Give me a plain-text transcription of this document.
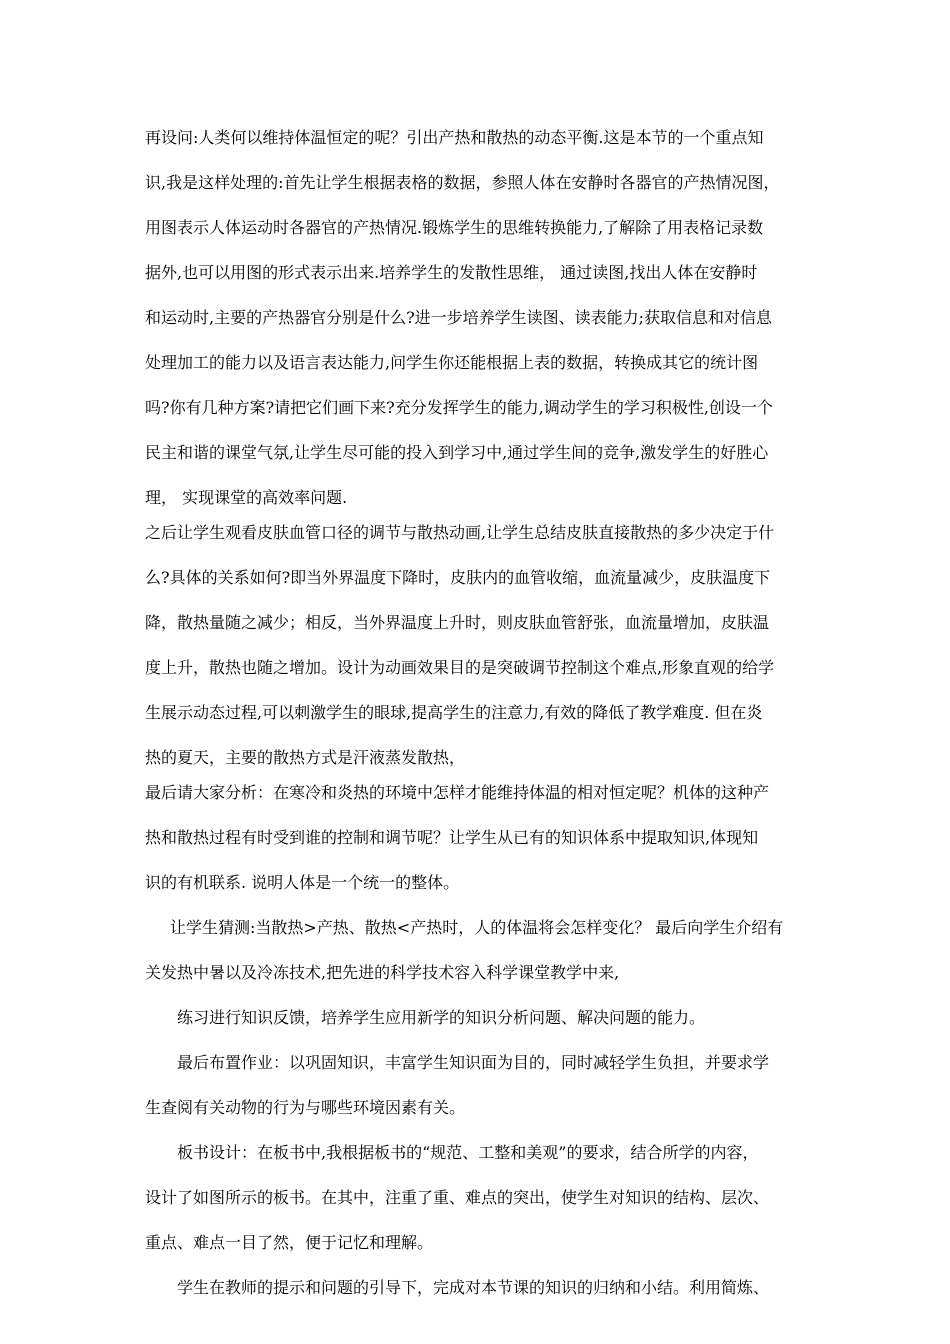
再设问:人类何以维持体温恒定的呢？引出产热和散热的动态平衡.这是本节的一个重点知
识,我是这样处理的:首先让学生根据表格的数据，参照人体在安静时各器官的产热情况图，
用图表示人体运动时各器官的产热情况.锻炼学生的思维转换能力,了解除了用表格记录数
据外,也可以用图的形式表示出来.培养学生的发散性思维， 通过读图,找出人体在安静时
和运动时,主要的产热器官分别是什么?进一步培养学生读图、读表能力;获取信息和对信息
处理加工的能力以及语言表达能力,问学生你还能根据上表的数据，转换成其它的统计图
吗?你有几种方案?请把它们画下来?充分发挥学生的能力,调动学生的学习积极性,创设一个
民主和谐的课堂气氛,让学生尽可能的投入到学习中,通过学生间的竞争,激发学生的好胜心
理， 实现课堂的高效率问题.
之后让学生观看皮肤血管口径的调节与散热动画,让学生总结皮肤直接散热的多少决定于什
么?具体的关系如何?即当外界温度下降时，皮肤内的血管收缩，血流量减少，皮肤温度下
降，散热量随之减少；相反，当外界温度上升时，则皮肤血管舒张，血流量增加，皮肤温
度上升，散热也随之增加。设计为动画效果目的是突破调节控制这个难点,形象直观的给学
生展示动态过程,可以刺激学生的眼球,提高学生的注意力,有效的降低了教学难度. 但在炎
热的夏天，主要的散热方式是汗液蒸发散热，
最后请大家分析：在寒冷和炎热的环境中怎样才能维持体温的相对恒定呢？机体的这种产
热和散热过程有时受到谁的控制和调节呢？让学生从已有的知识体系中提取知识,体现知
识的有机联系. 说明人体是一个统一的整体。
让学生猜测:当散热>产热、散热<产热时，人的体温将会怎样变化？ 最后向学生介绍有
关发热中暑以及冷冻技术,把先进的科学技术容入科学课堂教学中来,
练习进行知识反馈，培养学生应用新学的知识分析问题、解决问题的能力。
最后布置作业：以巩固知识，丰富学生知识面为目的，同时减轻学生负担，并要求学
生查阅有关动物的行为与哪些环境因素有关。
板书设计：在板书中,我根据板书的“规范、工整和美观”的要求，结合所学的内容，
设计了如图所示的板书。在其中，注重了重、难点的突出，使学生对知识的结构、层次、
重点、难点一目了然，便于记忆和理解。
学生在教师的提示和问题的引导下，完成对本节课的知识的归纳和小结。利用简炼、
